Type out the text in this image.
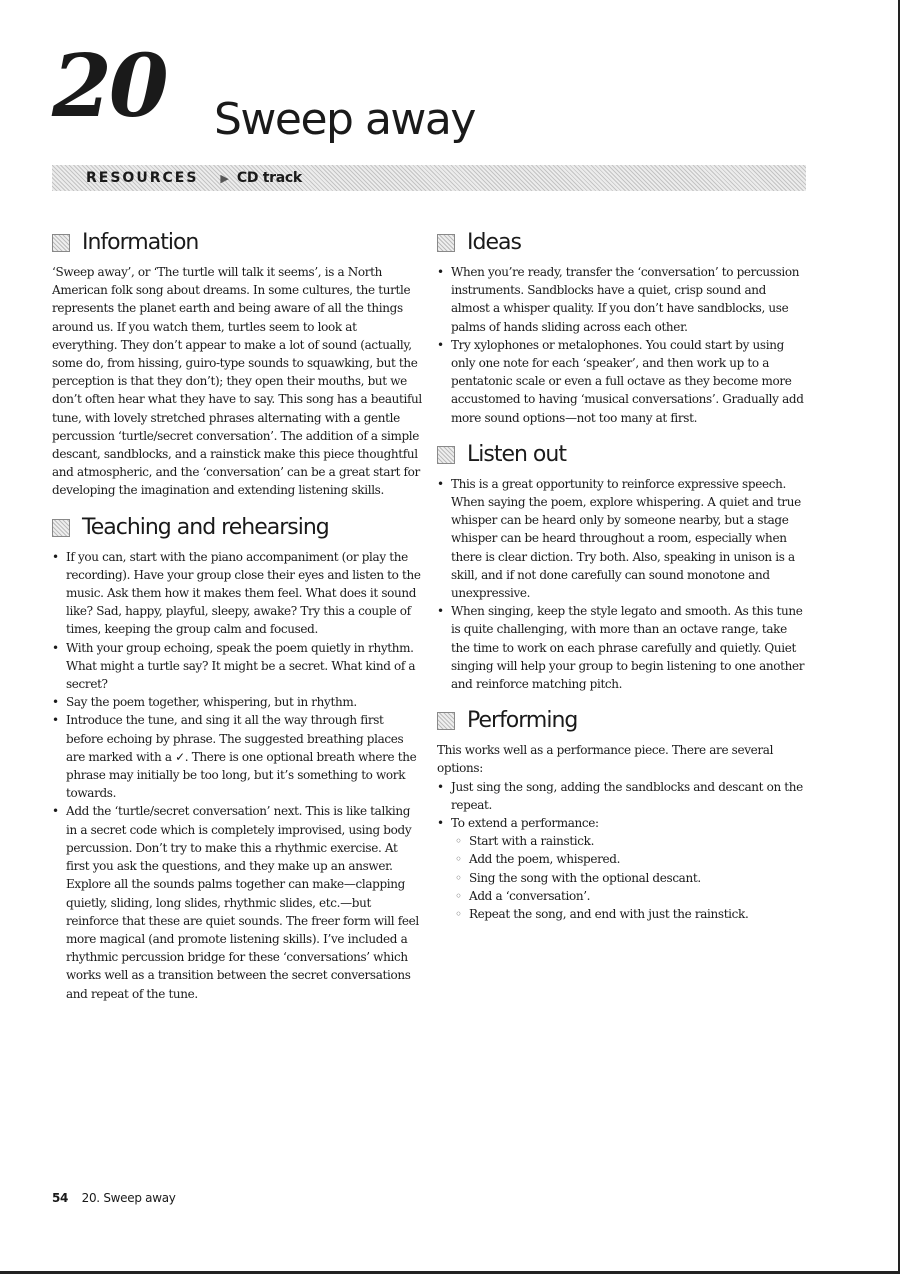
20 Sweep away
RESOURCES ▶ CD track
Information

‘Sweep away’, or ‘The turtle will talk it seems’, is a North American folk song about dreams. In some cultures, the turtle represents the planet earth and being aware of all the things around us. If you watch them, turtles seem to look at everything. They don’t appear to make a lot of sound (actually, some do, from hissing, guiro-type sounds to squawking, but the perception is that they don’t); they open their mouths, but we don’t often hear what they have to say. This song has a beautiful tune, with lovely stretched phrases alternating with a gentle percussion ‘turtle/secret conversation’. The addition of a simple descant, sandblocks, and a rainstick make this piece thoughtful and atmospheric, and the ‘conversation’ can be a great start for developing the imagination and extending listening skills.

Teaching and rehearsing
• If you can, start with the piano accompaniment (or play the recording). Have your group close their eyes and listen to the music. Ask them how it makes them feel. What does it sound like? Sad, happy, playful, sleepy, awake? Try this a couple of times, keeping the group calm and focused.
• With your group echoing, speak the poem quietly in rhythm. What might a turtle say? It might be a secret. What kind of a secret?
• Say the poem together, whispering, but in rhythm.
• Introduce the tune, and sing it all the way through first before echoing by phrase. The suggested breathing places are marked with a ✓. There is one optional breath where the phrase may initially be too long, but it’s something to work towards.
• Add the ‘turtle/secret conversation’ next. This is like talking in a secret code which is completely improvised, using body percussion. Don’t try to make this a rhythmic exercise. At first you ask the questions, and they make up an answer. Explore all the sounds palms together can make—clapping quietly, sliding, long slides, rhythmic slides, etc.—but reinforce that these are quiet sounds. The freer form will feel more magical (and promote listening skills). I’ve included a rhythmic percussion bridge for these ‘conversations’ which works well as a transition between the secret conversations and repeat of the tune.
Ideas
• When you’re ready, transfer the ‘conversation’ to percussion instruments. Sandblocks have a quiet, crisp sound and almost a whisper quality. If you don’t have sandblocks, use palms of hands sliding across each other.
• Try xylophones or metalophones. You could start by using only one note for each ‘speaker’, and then work up to a pentatonic scale or even a full octave as they become more accustomed to having ‘musical conversations’. Gradually add more sound options—not too many at first.
Listen out
• This is a great opportunity to reinforce expressive speech. When saying the poem, explore whispering. A quiet and true whisper can be heard only by someone nearby, but a stage whisper can be heard throughout a room, especially when there is clear diction. Try both. Also, speaking in unison is a skill, and if not done carefully can sound monotone and unexpressive.
• When singing, keep the style legato and smooth. As this tune is quite challenging, with more than an octave range, take the time to work on each phrase carefully and quietly. Quiet singing will help your group to begin listening to one another and reinforce matching pitch.
Performing

This works well as a performance piece. There are several options:

• Just sing the song, adding the sandblocks and descant on the repeat.
• To extend a performance:
◦ Start with a rainstick.
◦ Add the poem, whispered.
◦ Sing the song with the optional descant.
◦ Add a ‘conversation’.
◦ Repeat the song, and end with just the rainstick.
54 20. Sweep away
